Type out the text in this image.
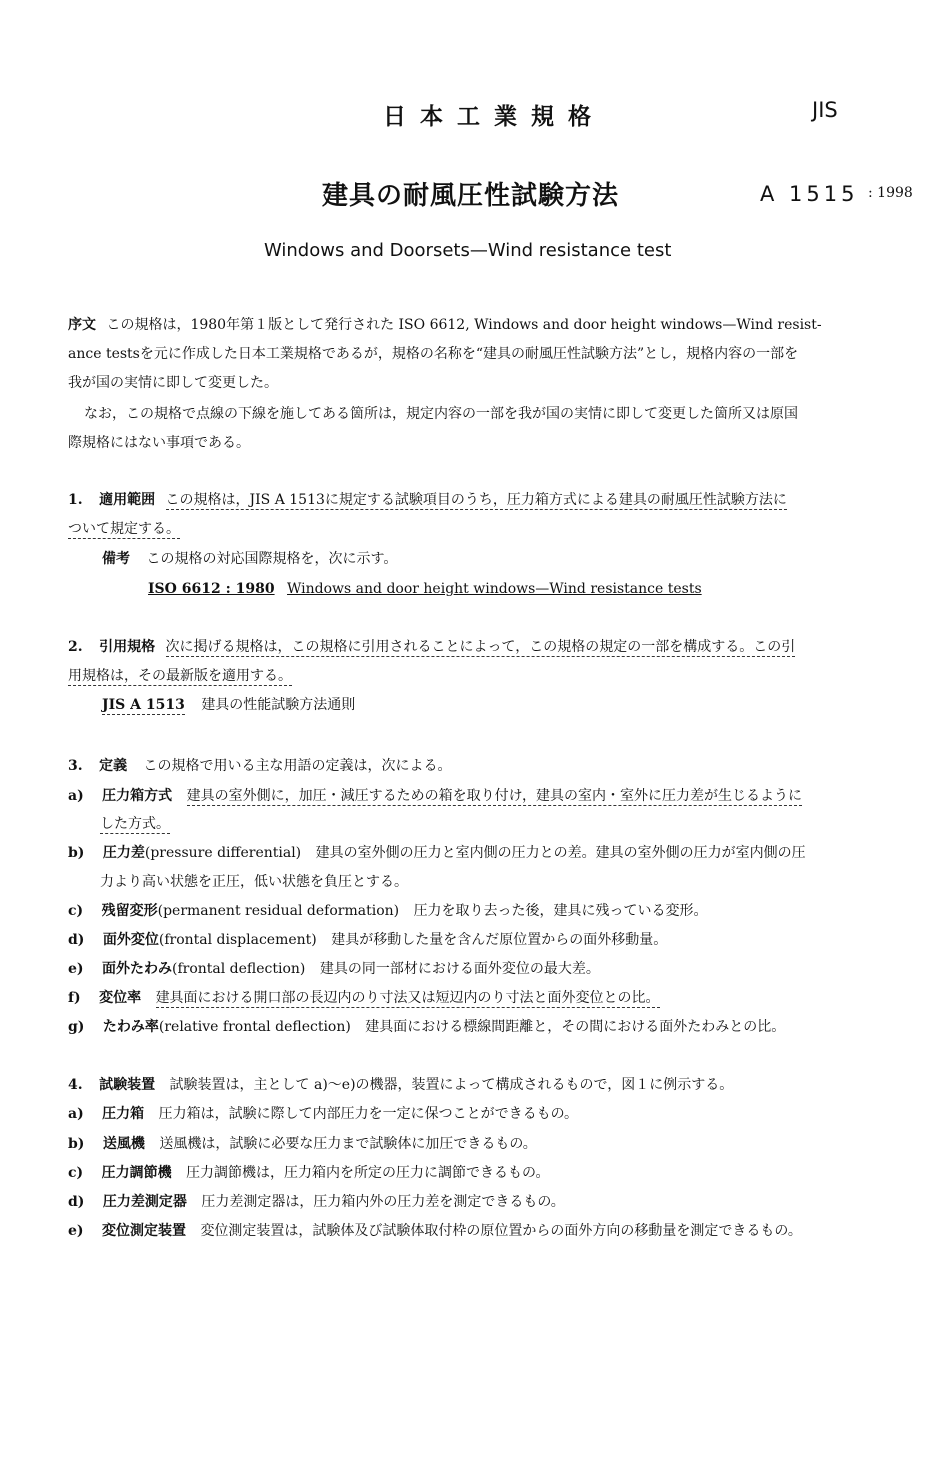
日本工業規格	JIS
建具の耐風圧性試験方法	A 1515 : 1998
Windows and Doorsets—Wind resistance test
序文 この規格は，1980年第１版として発行された ISO 6612, Windows and door height windows—Wind resist-
ance testsを元に作成した日本工業規格であるが，規格の名称を“建具の耐風圧性試験方法”とし，規格内容の一部を
我が国の実情に即して変更した。
なお，この規格で点線の下線を施してある箇所は，規定内容の一部を我が国の実情に即して変更した箇所又は原国
際規格にはない事項である。
1. 適用範囲 この規格は，JIS A 1513に規定する試験項目のうち，圧力箱方式による建具の耐風圧性試験方法に
ついて規定する。
備考 この規格の対応国際規格を，次に示す。
ISO 6612 : 1980 Windows and door height windows—Wind resistance tests
2. 引用規格 次に掲げる規格は，この規格に引用されることによって，この規格の規定の一部を構成する。この引
用規格は，その最新版を適用する。
JIS A 1513 建具の性能試験方法通則
3. 定義 この規格で用いる主な用語の定義は，次による。
a) 圧力箱方式 建具の室外側に，加圧・減圧するための箱を取り付け，建具の室内・室外に圧力差が生じるように
した方式。
b) 圧力差(pressure differential) 建具の室外側の圧力と室内側の圧力との差。建具の室外側の圧力が室内側の圧
力より高い状態を正圧，低い状態を負圧とする。
c) 残留変形(permanent residual deformation) 圧力を取り去った後，建具に残っている変形。
d) 面外変位(frontal displacement) 建具が移動した量を含んだ原位置からの面外移動量。
e) 面外たわみ(frontal deflection) 建具の同一部材における面外変位の最大差。
f) 変位率 建具面における開口部の長辺内のり寸法又は短辺内のり寸法と面外変位との比。
g) たわみ率(relative frontal deflection) 建具面における標線間距離と，その間における面外たわみとの比。
4. 試験装置 試験装置は，主として a)～e)の機器，装置によって構成されるもので，図１に例示する。
a) 圧力箱 圧力箱は，試験に際して内部圧力を一定に保つことができるもの。
b) 送風機 送風機は，試験に必要な圧力まで試験体に加圧できるもの。
c) 圧力調節機 圧力調節機は，圧力箱内を所定の圧力に調節できるもの。
d) 圧力差測定器 圧力差測定器は，圧力箱内外の圧力差を測定できるもの。
e) 変位測定装置 変位測定装置は，試験体及び試験体取付枠の原位置からの面外方向の移動量を測定できるもの。
